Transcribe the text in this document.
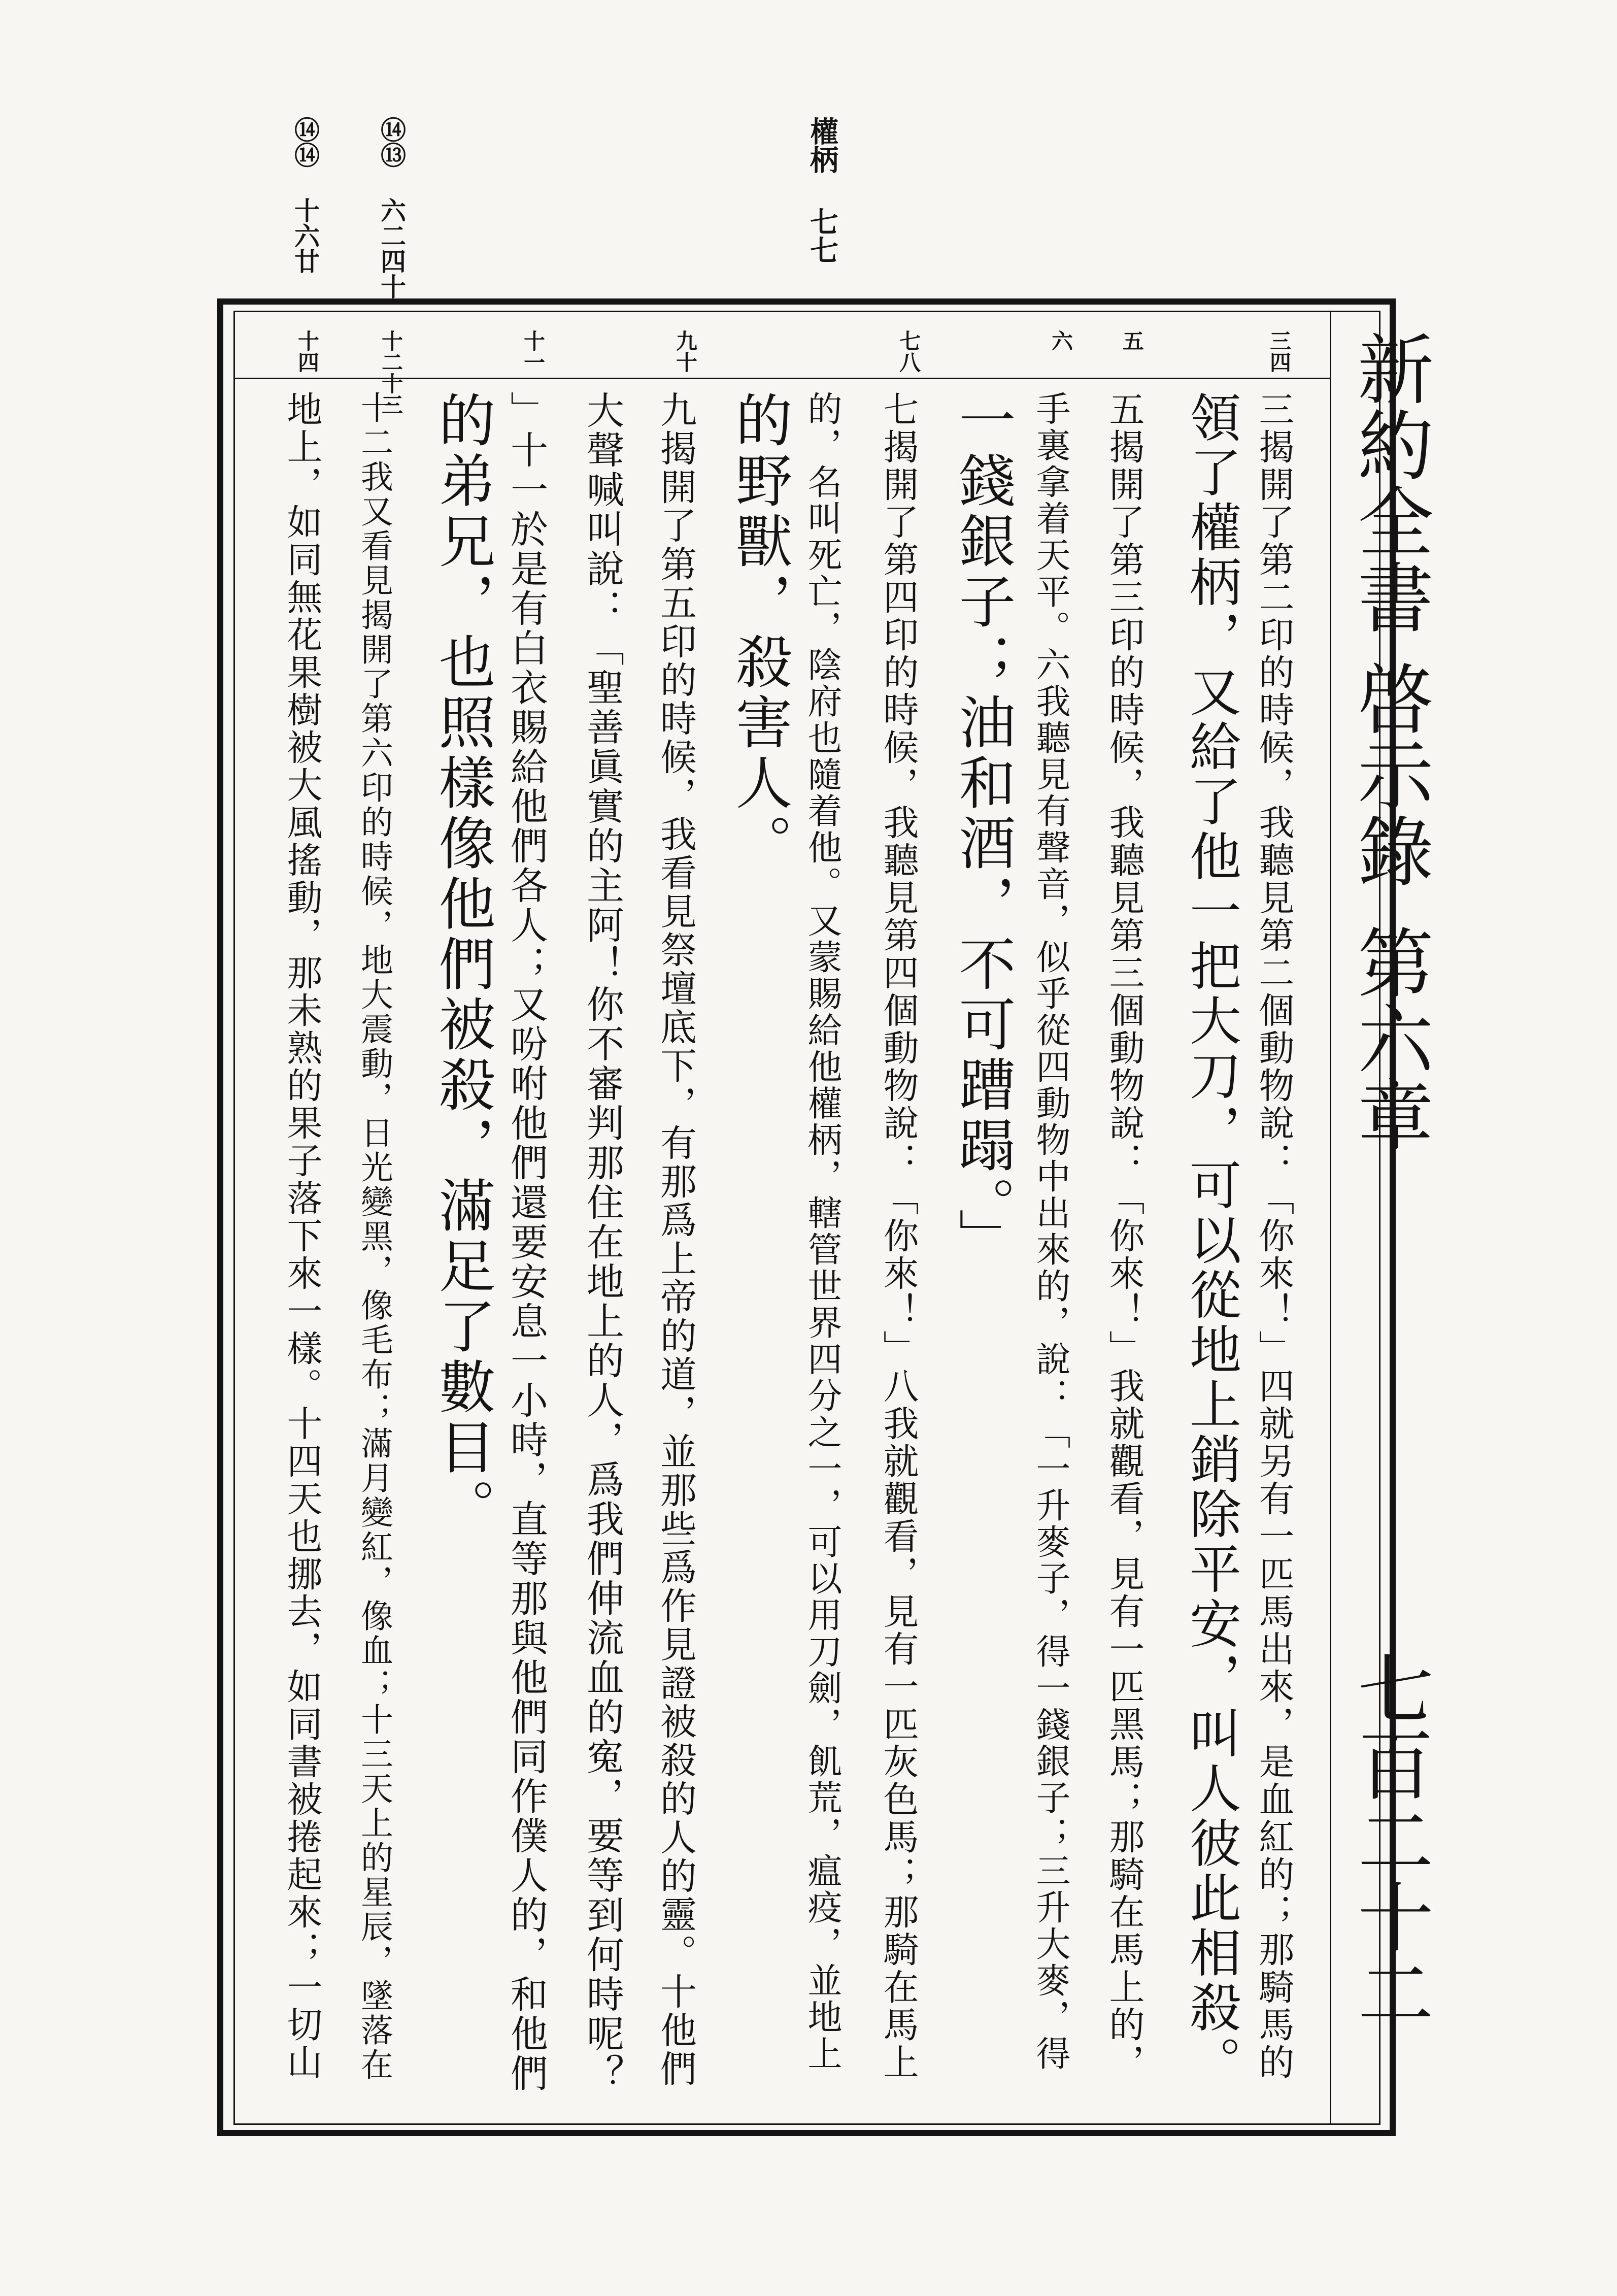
權柄 七七
⑭⑭ 十六廿 ⑭⑬ 六二四十
新約全書
啓示錄
第六章
七百二十二
三四
五
六
七八
九十
十一
十二十三
十四
三揭開了第二印的時候，我聽見第二個動物說：「你來！」四就另有一匹馬出來，是血紅的；那騎馬的
領了權柄，又給了他一把大刀，可以從地上銷除平安，叫人彼此相殺。
五揭開了第三印的時候，我聽見第三個動物說：「你來！」我就觀看，見有一匹黑馬；那騎在馬上的，
手裏拿着天平。六我聽見有聲音，似乎從四動物中出來的，說：「一升麥子，得一錢銀子；三升大麥，得
一錢銀子；油和酒，不可蹧蹋。」
七揭開了第四印的時候，我聽見第四個動物說：「你來！」八我就觀看，見有一匹灰色馬；那騎在馬上
的，名叫死亡，陰府也隨着他。又蒙賜給他權柄，轄管世界四分之一，可以用刀劍，飢荒，瘟疫，並地上
的野獸，殺害人。
九揭開了第五印的時候，我看見祭壇底下，有那爲上帝的道，並那些爲作見證被殺的人的靈。十他們
大聲喊叫說：「聖善眞實的主阿！你不審判那住在地上的人，爲我們伸流血的寃，要等到何時呢？
」十一於是有白衣賜給他們各人；又吩咐他們還要安息一小時，直等那與他們同作僕人的，和他們
的弟兄，也照樣像他們被殺，滿足了數目。
十二我又看見揭開了第六印的時候，地大震動，日光變黑，像毛布；滿月變紅，像血；十三天上的星辰，墜落在
地上，如同無花果樹被大風搖動，那未熟的果子落下來一樣。十四天也挪去，如同書被捲起來；一切山
